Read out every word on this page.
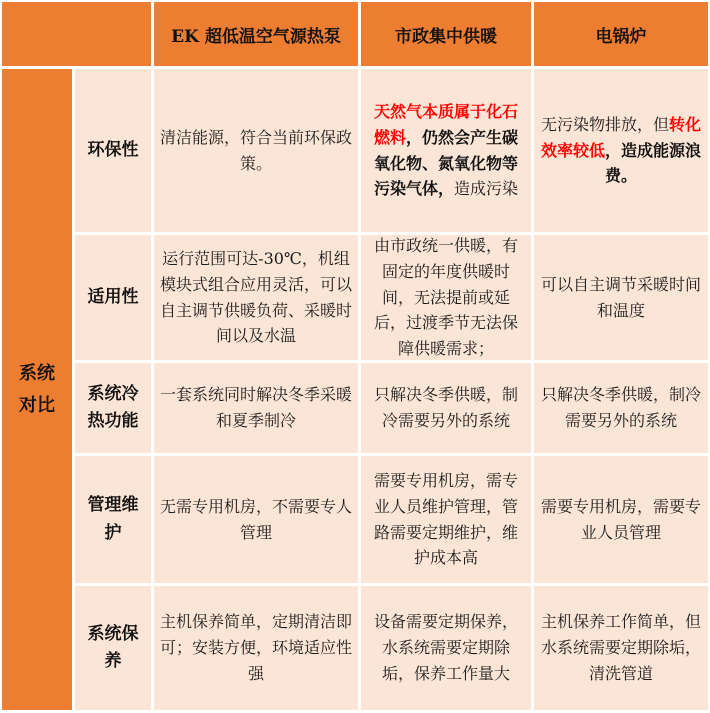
EK 超低温空气源热泵	市政集中供暖	电锅炉
系统对比
环保性
清洁能源，符合当前环保政策。
天然气本质属于化石燃料，仍然会产生碳氧化物、氮氧化物等污染气体，造成污染
无污染物排放，但转化效率较低，造成能源浪费。
适用性
运行范围可达-30℃，机组模块式组合应用灵活，可以自主调节供暖负荷、采暖时间以及水温
由市政统一供暖，有固定的年度供暖时间，无法提前或延后，过渡季节无法保障供暖需求；
可以自主调节采暖时间和温度
系统冷热功能
一套系统同时解决冬季采暖和夏季制冷
只解决冬季供暖，制冷需要另外的系统
只解决冬季供暖，制冷需要另外的系统
管理维护
无需专用机房，不需要专人管理
需要专用机房，需专业人员维护管理，管路需要定期维护，维护成本高
需要专用机房，需要专业人员管理
系统保养
主机保养简单，定期清洁即可；安装方便，环境适应性强
设备需要定期保养，水系统需要定期除垢，保养工作量大
主机保养工作简单，但水系统需要定期除垢，清洗管道
